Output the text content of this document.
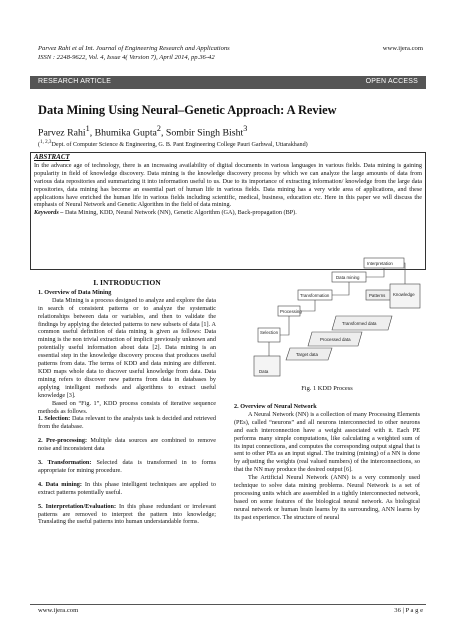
Parvez Rahi et al Int. Journal of Engineering Research and Applications
ISSN : 2248-9622, Vol. 4, Issue 4( Version 7), April 2014, pp.36-42
www.ijera.com
RESEARCH ARTICLE	OPEN ACCESS
Data Mining Using Neural–Genetic Approach: A Review
Parvez Rahi$^1$, Bhumika Gupta$^2$, Sombir Singh Bisht$^3$
($^{1, 2,3}$Dept. of Computer Science & Engineering, G. B. Pant Engineering College Pauri Garhwal, Uttarakhand)
ABSTRACT

In the advance age of technology, there is an increasing availability of digital documents in various languages in various fields. Data mining is gaining popularity in field of knowledge discovery. Data mining is the knowledge discovery process by which we can analyze the large amounts of data from various data repositories and summarizing it into information useful to us. Due to its importance of extracting information/ knowledge from the large data repositories, data mining has become an essential part of human life in various fields. Data mining has a very wide area of applications, and these applications have enriched the human life in various fields including scientific, medical, business, education etc. Here in this paper we will discuss the emphasis of Neural Network and Genetic Algorithm in the field of data mining.

Keywords – Data Mining, KDD, Neural Network (NN), Genetic Algorithm (GA), Back-propagation (BP).

I. INTRODUCTION

1. Overview of Data Mining

Data Mining is a process designed to analyze and explore the data in search of consistent patterns or to analyze the systematic relationships between data or variables, and then to validate the findings by applying the detected patterns to new subsets of data [1]. A common useful definition of data mining is given as follows: Data mining is the non trivial extraction of implicit previously unknown and potentially useful information about data [2]. Data mining is an essential step in the knowledge discovery process that produces useful patterns from data. The terms of KDD and data mining are different. KDD maps whole data to discover useful knowledge from data. Data mining refers to discover new patterns from data in databases by applying intelligent methods and algorithms to extract useful knowledge [3].

Based on “Fig. 1”, KDD process consists of iterative sequence methods as follows.

1. Selection: Data relevant to the analysis task is decided and retrieved from the database.

2. Pre-processing: Multiple data sources are combined to remove noise and inconsistent data

3. Transformation: Selected data is transformed in to forms appropriate for mining procedure.

4. Data mining: In this phase intelligent techniques are applied to extract patterns potentially useful.

5. Interpretation/Evaluation: In this phase redundant or irrelevant patterns are removed to interpret the pattern into knowledge; Translating the useful patterns into human understandable forms.

Interpretation
Data mining
Transformation	Knowledge
Patterns
Processing
Selection
Transformed data
Processed data
Target data
Data
Fig. 1 KDD Process

2. Overview of Neural Network

A Neural Network (NN) is a collection of many Processing Elements (PEs), called “neurons” and all neurons interconnected to other neurons and each interconnection have a weight associated with it. Each PE performs many simple computations, like calculating a weighted sum of its input connections, and computes the corresponding output signal that is sent to other PEs as an input signal. The training (mining) of a NN is done by adjusting the weights (real valued numbers) of the interconnections, so that the NN may produce the desired output [6].

The Artificial Neural Network (ANN) is a very commonly used technique to solve data mining problems. Neural Network is a set of processing units which are assembled in a tightly interconnected network, based on some features of the biological neural network. As biological neural network or human brain learns by its surrounding, ANN learns by its past experience. The structure of neural

www.ijera.com	36 | P a g e
